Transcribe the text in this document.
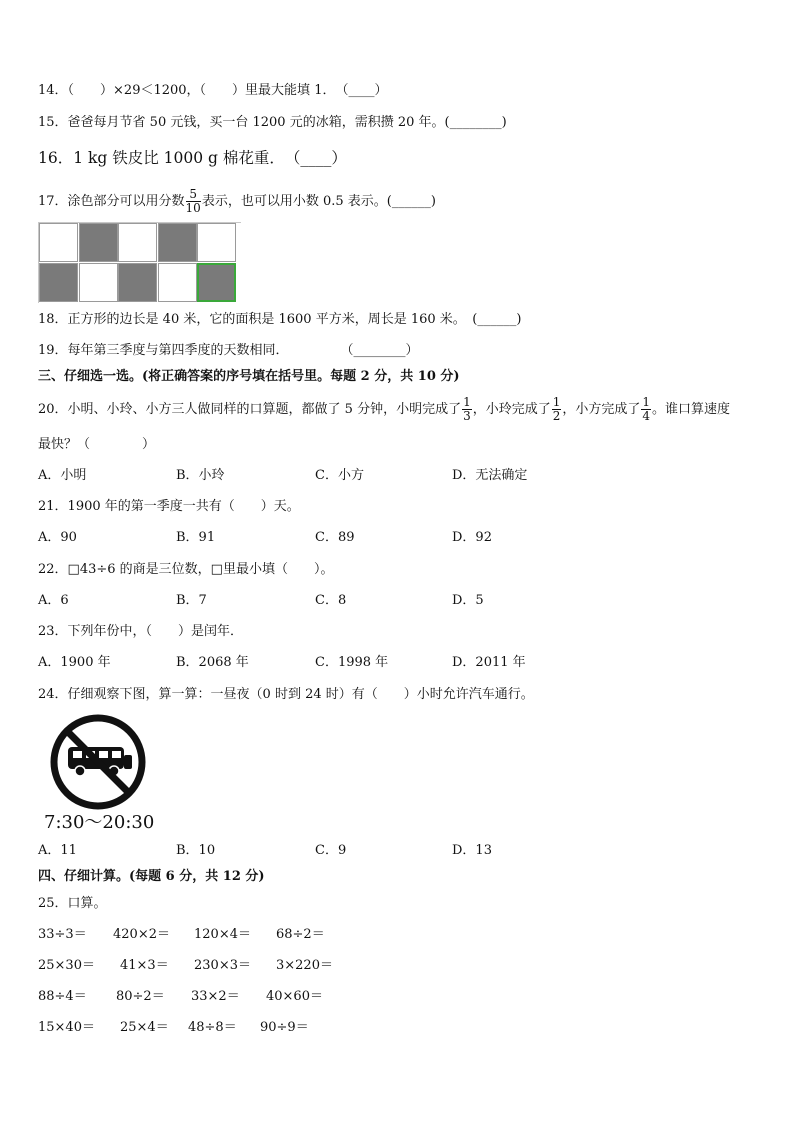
14．（　　）×29＜1200，（　　）里最大能填 1．　（____）
15．爸爸每月节省 50 元钱，买一台 1200 元的冰箱，需积攒 20 年。(________)
16．1 kg 铁皮比 1000 g 棉花重．　（____）
17．涂色部分可以用分数 $\frac{5}{10}$ 表示，也可以用小数 0.5 表示。(______)
18．正方形的边长是 40 米，它的面积是 1600 平方米，周长是 160 米。　(______)
19．每年第三季度与第四季度的天数相同．　　　　　（________）
三、仔细选一选。(将正确答案的序号填在括号里。每题 2 分，共 10 分)
20．小明、小玲、小方三人做同样的口算题，都做了 5 分钟，小明完成了 $\frac{1}{3}$ ，小玲完成了 $\frac{1}{2}$ ，小方完成了 $\frac{1}{4}$ 。谁口算速度
最快？（　　　　）
A．小明	B．小玲	C．小方	D．无法确定
21．1900 年的第一季度一共有（　　）天。
A．90	B．91	C．89	D．92
22．□43÷6 的商是三位数，□里最小填（　　）。
A．6	B．7	C．8	D．5
23．下列年份中，（　　）是闰年．
A．1900 年	B．2068 年	C．1998 年	D．2011 年
24．仔细观察下图，算一算：一昼夜（0 时到 24 时）有（　　）小时允许汽车通行。
7:30～20:30
A．11	B．10	C．9	D．13
四、仔细计算。(每题 6 分，共 12 分)
25．口算。
33÷3＝ 420×2＝ 120×4＝ 68÷2＝
25×30＝ 41×3＝ 230×3＝ 3×220＝
88÷4＝ 80÷2＝ 33×2＝ 40×60＝
15×40＝ 25×4＝ 48÷8＝ 90÷9＝
